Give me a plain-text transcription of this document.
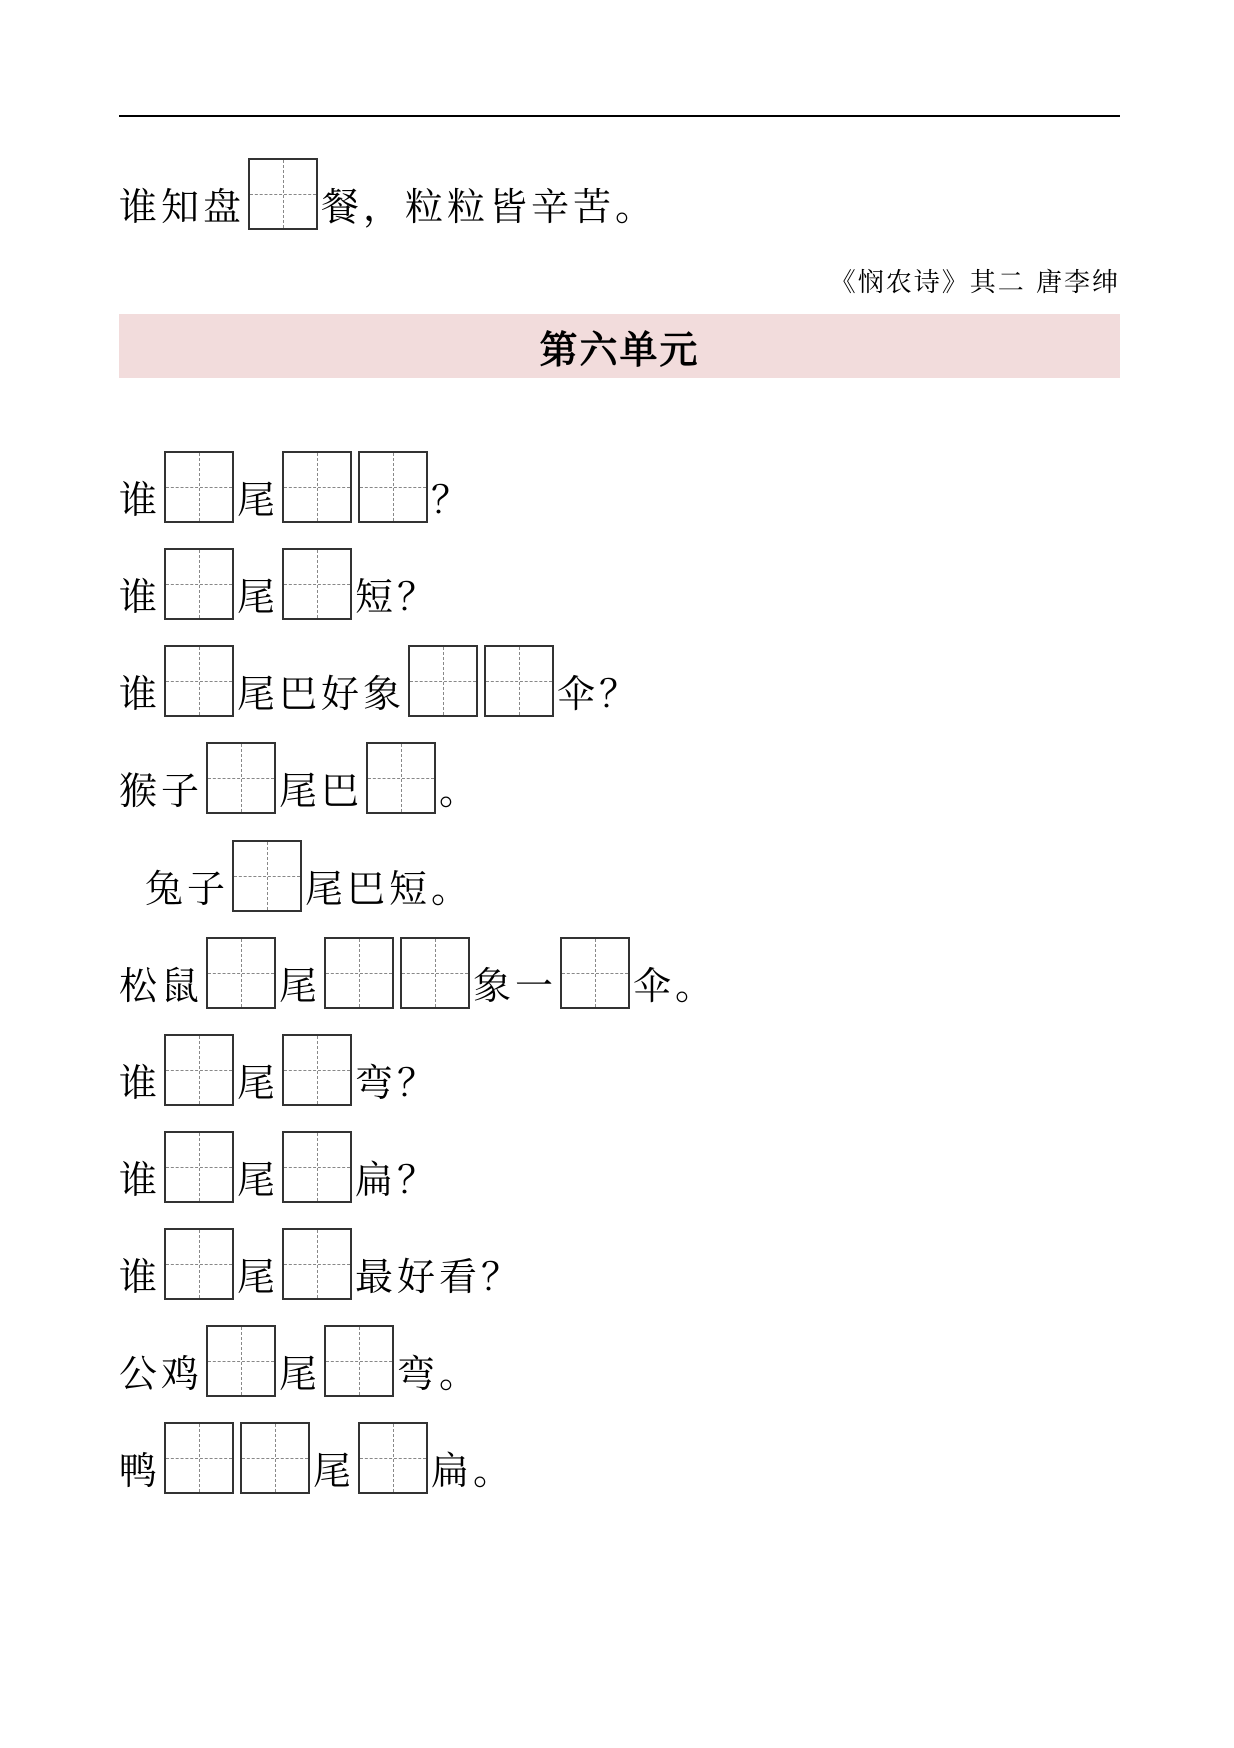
谁知盘 餐，粒粒皆辛苦。
《悯农诗》其二 唐李绅
第六单元
谁 尾	？
谁 尾 短？
谁 尾巴好象	伞？
猴子 尾巴 。
兔子 尾巴短。
松鼠 尾	象一 伞。
谁 尾 弯？
谁 尾 扁？
谁 尾 最好看？
公鸡 尾 弯。
鸭	尾 扁。
